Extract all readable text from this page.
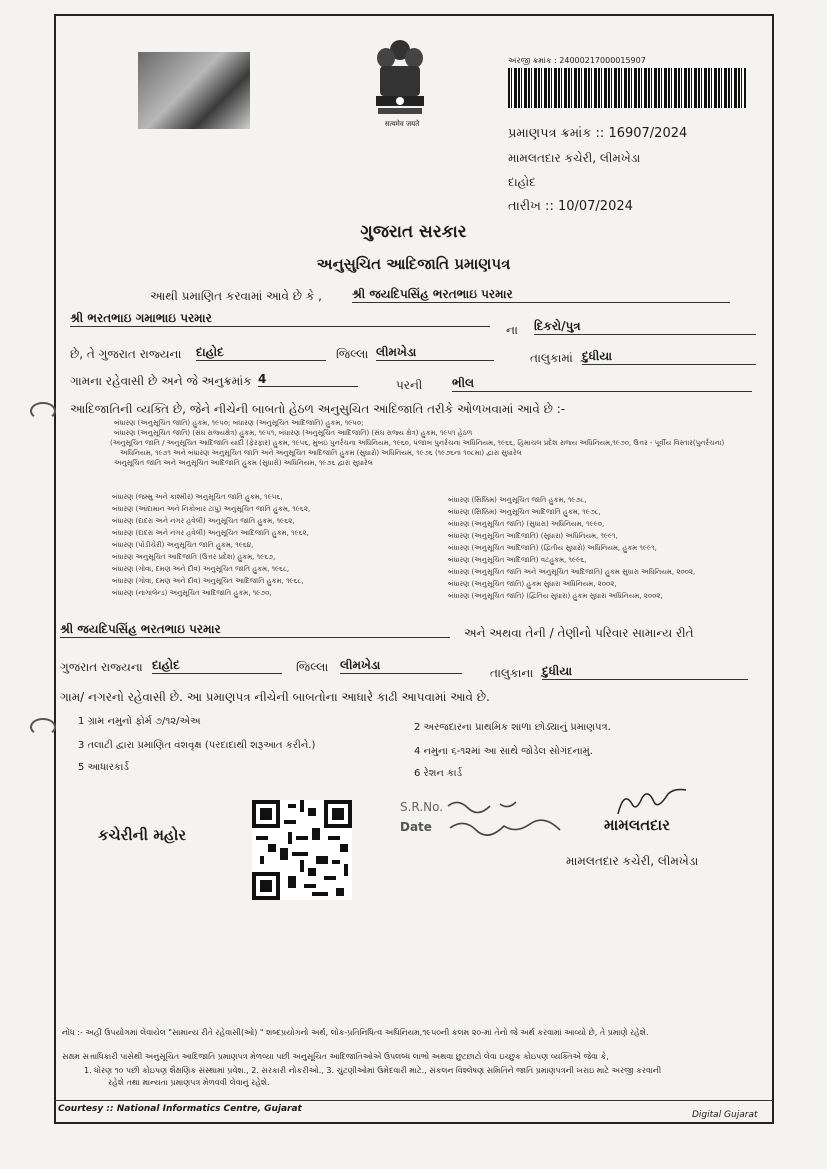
सत्यमेव जयते
અરજી ક્રમાંક : 24000217000015907
પ્રમાણપત્ર ક્રમાંક :: 16907/2024
મામલતદાર કચેરી, લીમખેડા
દાહોદ
તારીખ :: 10/07/2024
ગુજરાત સરકાર
અનુસુચિત આદિજાતિ પ્રમાણપત્ર
આથી પ્રમાણિત કરવામાં આવે છે કે ,	શ્રી જયદિપસિંહ ભરતભાઇ પરમાર
શ્રી ભરતભાઇ ગમાભાઇ પરમાર
ના દિકરો/પુત્ર
છે, તે ગુજરાત રાજ્યના દાહોદ	જિલ્લા લીમખેડા	તાલુકામાં દુધીયા
ગામના રહેવાસી છે અને જે અનુક્રમાંક 4	પરની ભીલ
આદિજાતિની વ્યક્તિ છે, જેને નીચેની બાબતો હેઠળ અનુસુચિત આદિજાતિ તરીકે ઓળખવામાં આવે છે :-
બંધારણ (અનુસૂચિત જાતિ) હુકમ, ૧૯૫૦; બંધારણ (અનુસૂચિત આદિજાતિ) હુકમ, ૧૯૫૦;
બંધારણ (અનુસૂચિત જાતિ) (સંઘ રાજ્યક્ષેત્ર) હુકમ, ૧૯૫૧, બંધારણ (અનુસૂચિત આદિજાતિ) (સંઘ રાજ્ય ક્ષેત્ર) હુકમ, ૧૯૫૧ હેઠળ
(અનુસૂચિત જાતિ / અનુસૂચિત આદિજાતિ યાદી (ફેરફાર) હુકમ, ૧૯૫૬, મુંબઇ પુનર્રચના અધિનિયમ, ૧૯૬૦, પંજાબ પુનર્રચના અધિનિયમ, ૧૯૬૬, હિમાચલ પ્રદેશ રાજ્ય અધિનિયમ,૧૯૭૦, ઉત્તર - પૂર્વીય વિસ્તાર(પુનર્રચના)
અધિનિયમ, ૧૯૭૧ અને બંધારણ અનુસૂચિત જાતિ અને અનુસૂચિત આદિજાતિ હુકમ (સુધારો) અધિનિયમ, ૧૯૭૬ (૧૯૭૬ના ૧૦૮મા) દ્વારા સુધારેલ
અનુસૂચિત જાતિ અને અનુસૂચિત આદિજાતિ હુકમ (સુધારો) અધિનિયમ, ૧૯૭૬ દ્વારા સુધારેલ
બંધારણ (જમ્મુ અને કાશ્મીર) અનુસૂચિત જાતિ હુકમ, ૧૯૫૬,
બંધારણ (આંદામાન અને નિકોબાર ટાપુ) અનુસૂચિત જાતિ હુકમ, ૧૯૬૨,
બંધારણ (દાદરા અને નગર હવેલી) અનુસૂચિત જાતિ હુકમ, ૧૯૬૨,
બંધારણ (દાદરા અને નગર હવેલી) અનુસૂચિત આદિજાતિ હુકમ, ૧૯૬૨,
બંધારણ (પોંડીચેરી) અનુસૂચિત જાતિ હુકમ, ૧૯૬૪,
બંધારણ અનુસૂચિત આદિજાતિ (ઉત્તર પ્રદેશ) હુકમ, ૧૯૬૭,
બંધારણ (ગોવા, દમણ અને દીવ) અનુસૂચિત જાતિ હુકમ, ૧૯૬૮,
બંધારણ (ગોવા, દમણ અને દીવ) અનુસૂચિત આદિજાતિ હુકમ, ૧૯૬૮,
બંધારણ (નાગાલેન્ડ) અનુસૂચિત આદિજાતિ હુકમ, ૧૯૭૦,
બંધારણ (સિક્કિમ) અનુસૂચિત જાતિ હુકમ, ૧૯૭૮,
બંધારણ (સિક્કિમ) અનુસૂચિત આદિજાતિ હુકમ, ૧૯૭૮,
બંધારણ (અનુસૂચિત જાતિ) (સુધારા) અધિનિયમ, ૧૯૯૦,
બંધારણ (અનુસૂચિત આદિજાતિ) (સુધારા) અધિનિયમ, ૧૯૯૧,
બંધારણ (અનુસૂચિત આદિજાતિ) (દ્વિતીય સુધારો) અધિનિયમ, હુકમ ૧૯૯૧,
બંધારણ (અનુસૂચિત આદિજાતિ) વટહુકમ, ૧૯૯૬,
બંધારણ (અનુસૂચિત જાતિ અને અનુસૂચિત આદિજાતિ) હુકમ સુધારા અધિનિયમ, ૨૦૦૨,
બંધારણ (અનુસૂચિત જાતિ) હુકમ સુધારા અધિનિયમ, ૨૦૦૨,
બંધારણ (અનુસૂચિત જાતિ) (દ્વિતિય સુધારા) હુકમ સુધારા અધિનિયમ, ૨૦૦૨,
શ્રી જયદિપસિંહ ભરતભાઇ પરમાર	અને અથવા તેની / તેણીનો પરિવાર સામાન્ય રીતે
ગુજરાત રાજ્યના દાહોદ	જિલ્લા લીમખેડા
તાલુકાના દુધીયા
ગામ/ નગરનો રહેવાસી છે. આ પ્રમાણપત્ર નીચેની બાબતોના આધારે કાઢી આપવામાં આવે છે.
1 ગ્રામ નમુનો ફોર્મ ૭/૧૨/એઅ
2 અરજદારના પ્રાથમિક શાળા છોડ્યાનું પ્રમાણપત્ર.
3 તલાટી દ્વારા પ્રમાણિત વંશવૃક્ષ (પરદાદાથી શરૂઆત કરીને.)
4 નમુના ૬-૧૨માં આ સાથે જોડેલ સોગંદનામું.
5 આધારકાર્ડ
6 રેશન કાર્ડ
કચેરીની મહોર
S.R.No.
Date	મામલતદાર
મામલતદાર કચેરી, લીમખેડા
નોંધ :- અહીં ઉપયોગમાં લેવાયેલ "સામાન્ય રીતે રહેવાસી(ઓ) " શબ્દપ્રયોગનો અર્થ, લોક-પ્રતિનિધિત્વ અધિનિયમ,૧૯૫૦ની કલમ ૨૦-માં તેનો જે અર્થ કરવામાં આવ્યો છે, તે પ્રમાણે રહેશે.
સક્ષમ સત્તાધિકારી પાસેથી અનુસૂચિત આદિજાતિ પ્રમાણપત્ર મેળવ્યા પછી અનુસૂચિત આદિજાતિઓએ ઉપલબ્ધ લાભો અથવા છુટછાટો લેવા ઇચ્છુક કોઇપણ વ્યક્તિએ જેવા કે,
1. ધોરણ ૧૦ પછી કોઇપણ શૈક્ષણિક સંસ્થામાં પ્રવેશ., 2. સરકારી નોકરીઓ., 3. ચુંટણીઓમાં ઉમેદવારી માટે., સંકલન વિશ્લેષણ સમિતિને જાતિ પ્રમાણપત્રની ખરાઇ માટે અરજી કરવાની
રહેશે તથા માન્યતા પ્રમાણપત્ર મેળવવી લેવાનું રહેશે.
Courtesy :: National Informatics Centre, Gujarat
Digital Gujarat
